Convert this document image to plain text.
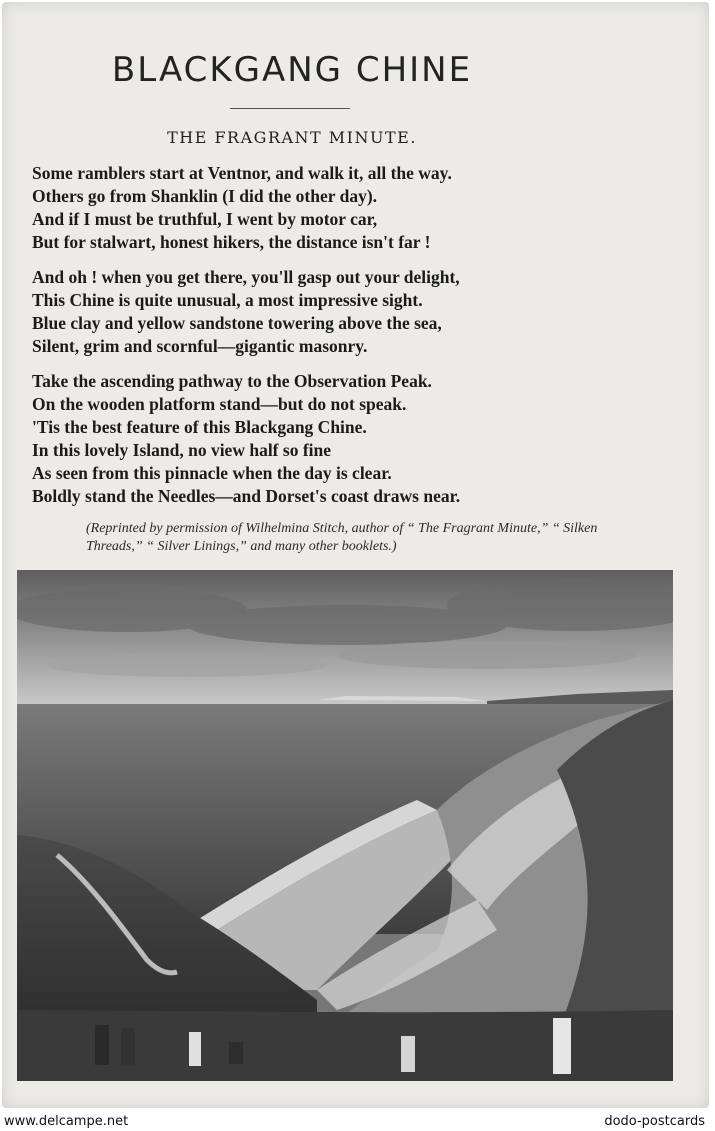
BLACKGANG CHINE
THE FRAGRANT MINUTE.
Some ramblers start at Ventnor, and walk it, all the way.
Others go from Shanklin (I did the other day).
And if I must be truthful, I went by motor car,
But for stalwart, honest hikers, the distance isn't far !
And oh ! when you get there, you'll gasp out your delight,
This Chine is quite unusual, a most impressive sight.
Blue clay and yellow sandstone towering above the sea,
Silent, grim and scornful—gigantic masonry.
Take the ascending pathway to the Observation Peak.
On the wooden platform stand—but do not speak.
'Tis the best feature of this Blackgang Chine.
In this lovely Island, no view half so fine
As seen from this pinnacle when the day is clear.
Boldly stand the Needles—and Dorset's coast draws near.
(Reprinted by permission of Wilhelmina Stitch, author of “ The Fragrant Minute,” “ Silken Threads,” “ Silver Linings,” and many other booklets.)
www.delcampe.net	dodo-postcards
